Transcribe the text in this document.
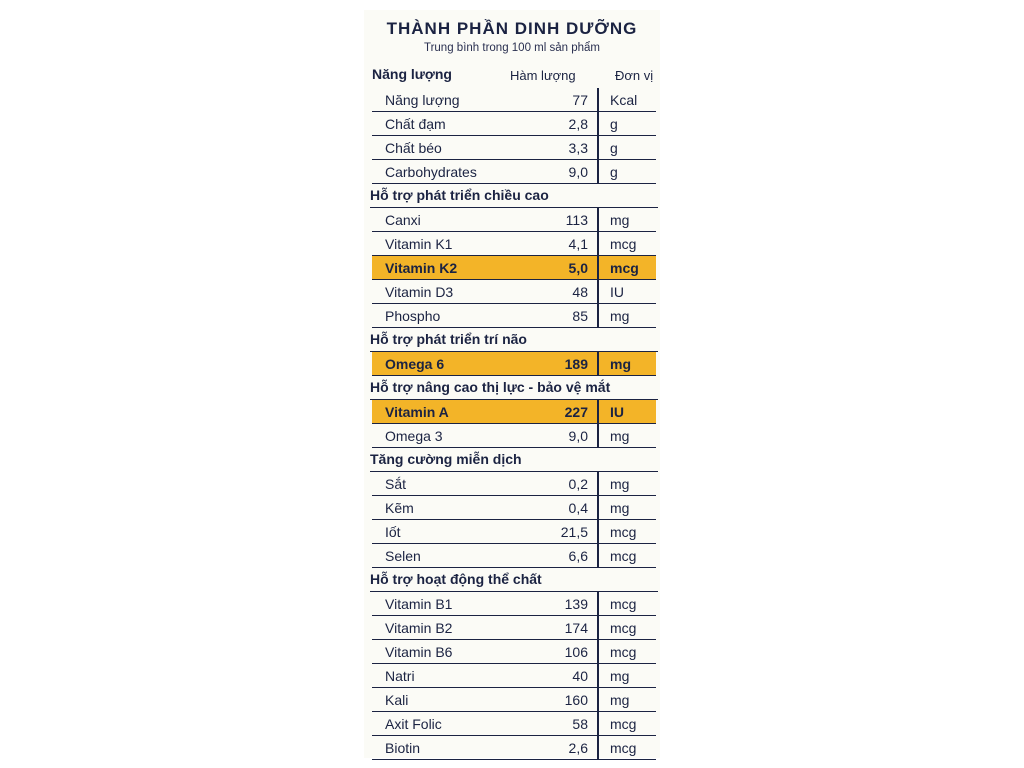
THÀNH PHẦN DINH DƯỠNG
Trung bình trong 100 ml sản phẩm
Năng lượng	Hàm lượng	Đơn vị
Năng lượng	77 Kcal
Chất đạm	2,8 g
Chất béo	3,3 g
Carbohydrates	9,0 g
Hỗ trợ phát triển chiều cao
Canxi	113 mg
Vitamin K1	4,1 mcg
Vitamin K2	5,0 mcg
Vitamin D3	48 IU
Phospho	85 mg
Hỗ trợ phát triển trí não
Omega 6	189 mg
Hỗ trợ nâng cao thị lực - bảo vệ mắt
Vitamin A	227 IU
Omega 3	9,0 mg
Tăng cường miễn dịch
Sắt	0,2 mg
Kẽm	0,4 mg
Iốt	21,5 mcg
Selen	6,6 mcg
Hỗ trợ hoạt động thể chất
Vitamin B1	139 mcg
Vitamin B2	174 mcg
Vitamin B6	106 mcg
Natri	40 mg
Kali	160 mg
Axit Folic	58 mcg
Biotin	2,6 mcg
